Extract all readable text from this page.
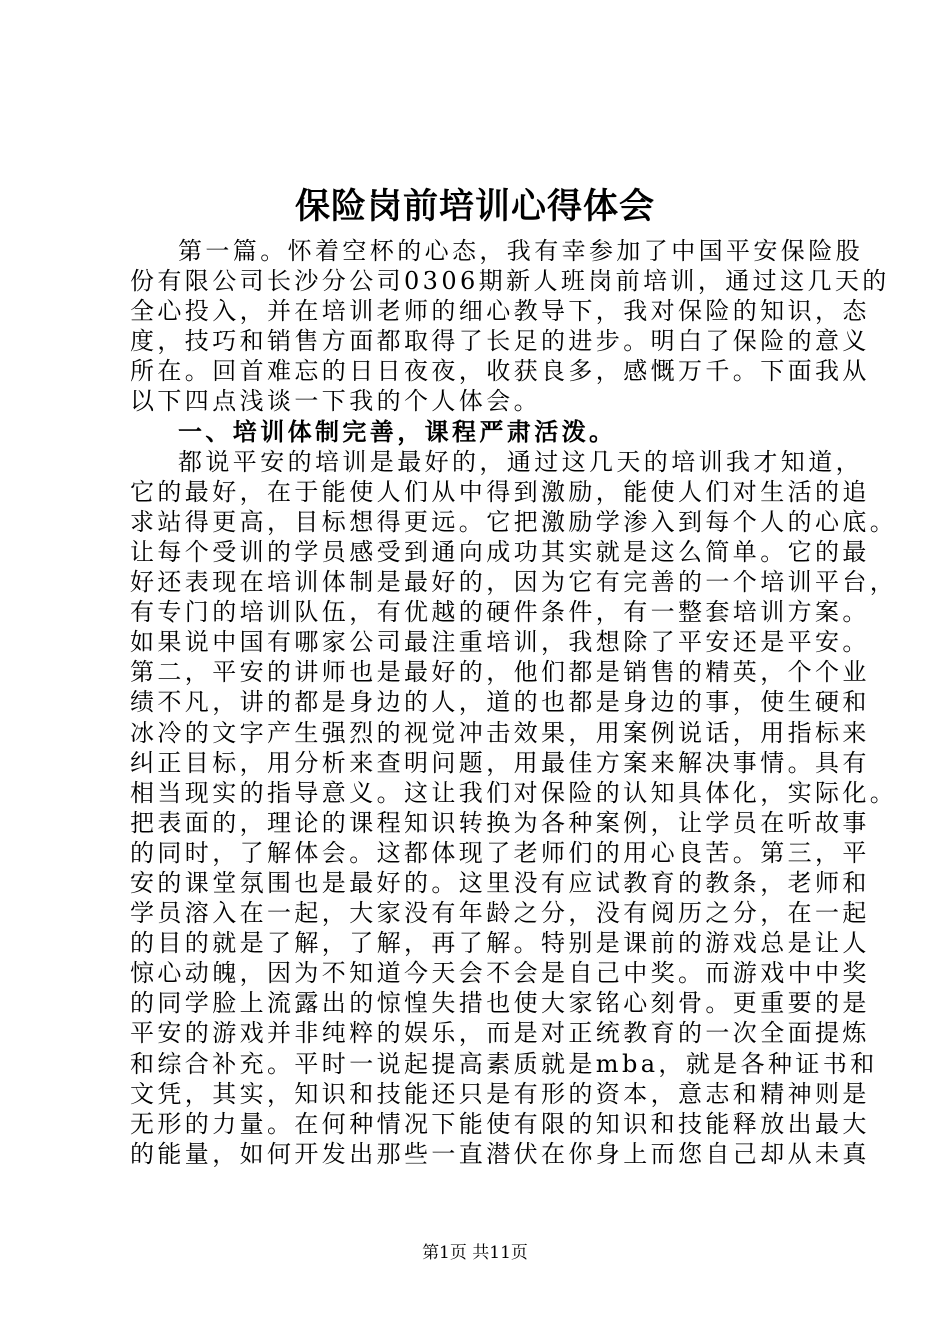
保险岗前培训心得体会
第一篇。怀着空杯的心态，我有幸参加了中国平安保险股
份有限公司长沙分公司0306期新人班岗前培训，通过这几天的
全心投入，并在培训老师的细心教导下，我对保险的知识，态
度，技巧和销售方面都取得了长足的进步。明白了保险的意义
所在。回首难忘的日日夜夜，收获良多，感慨万千。下面我从
以下四点浅谈一下我的个人体会。
一、培训体制完善，课程严肃活泼。
都说平安的培训是最好的，通过这几天的培训我才知道，
它的最好，在于能使人们从中得到激励，能使人们对生活的追
求站得更高，目标想得更远。它把激励学渗入到每个人的心底。
让每个受训的学员感受到通向成功其实就是这么简单。它的最
好还表现在培训体制是最好的，因为它有完善的一个培训平台，
有专门的培训队伍，有优越的硬件条件，有一整套培训方案。
如果说中国有哪家公司最注重培训，我想除了平安还是平安。
第二，平安的讲师也是最好的，他们都是销售的精英，个个业
绩不凡，讲的都是身边的人，道的也都是身边的事，使生硬和
冰冷的文字产生强烈的视觉冲击效果，用案例说话，用指标来
纠正目标，用分析来查明问题，用最佳方案来解决事情。具有
相当现实的指导意义。这让我们对保险的认知具体化，实际化。
把表面的，理论的课程知识转换为各种案例，让学员在听故事
的同时，了解体会。这都体现了老师们的用心良苦。第三，平
安的课堂氛围也是最好的。这里没有应试教育的教条，老师和
学员溶入在一起，大家没有年龄之分，没有阅历之分，在一起
的目的就是了解，了解，再了解。特别是课前的游戏总是让人
惊心动魄，因为不知道今天会不会是自己中奖。而游戏中中奖
的同学脸上流露出的惊惶失措也使大家铭心刻骨。更重要的是
平安的游戏并非纯粹的娱乐，而是对正统教育的一次全面提炼
和综合补充。平时一说起提高素质就是mba，就是各种证书和
文凭，其实，知识和技能还只是有形的资本，意志和精神则是
无形的力量。在何种情况下能使有限的知识和技能释放出最大
的能量，如何开发出那些一直潜伏在你身上而您自己却从未真
第1页 共11页
